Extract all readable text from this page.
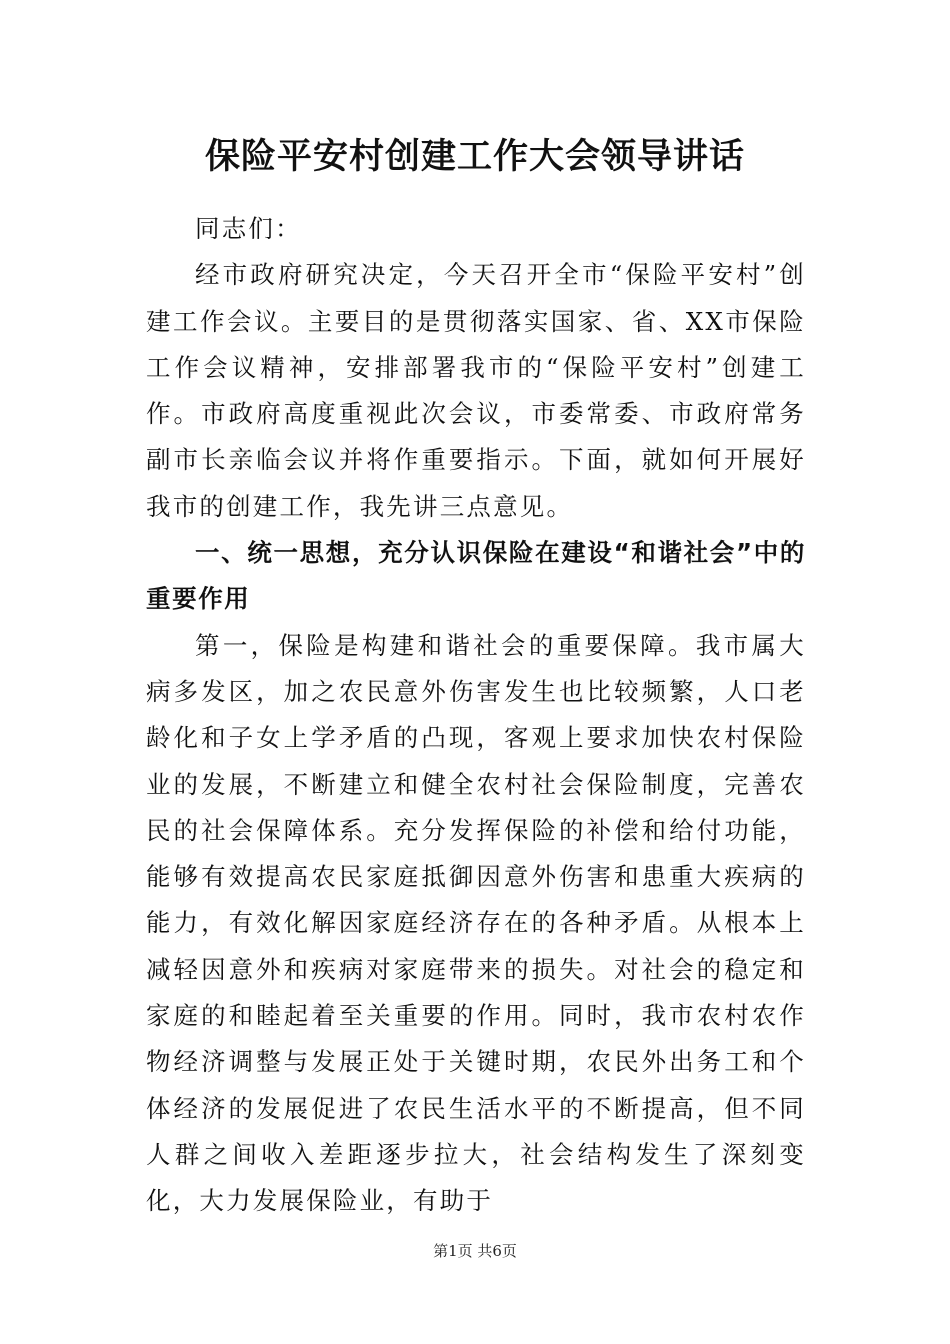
保险平安村创建工作大会领导讲话

同志们：

经市政府研究决定，今天召开全市“保险平安村”创建工作会议。主要目的是贯彻落实国家、省、XX市保险工作会议精神，安排部署我市的“保险平安村”创建工作。市政府高度重视此次会议，市委常委、市政府常务副市长亲临会议并将作重要指示。下面，就如何开展好我市的创建工作，我先讲三点意见。

一、统一思想，充分认识保险在建设“和谐社会”中的重要作用

第一，保险是构建和谐社会的重要保障。我市属大病多发区，加之农民意外伤害发生也比较频繁，人口老龄化和子女上学矛盾的凸现，客观上要求加快农村保险业的发展，不断建立和健全农村社会保险制度，完善农民的社会保障体系。充分发挥保险的补偿和给付功能，能够有效提高农民家庭抵御因意外伤害和患重大疾病的能力，有效化解因家庭经济存在的各种矛盾。从根本上减轻因意外和疾病对家庭带来的损失。对社会的稳定和家庭的和睦起着至关重要的作用。同时，我市农村农作物经济调整与发展正处于关键时期，农民外出务工和个体经济的发展促进了农民生活水平的不断提高，但不同人群之间收入差距逐步拉大，社会结构发生了深刻变化，大力发展保险业，有助于

第1页 共6页
